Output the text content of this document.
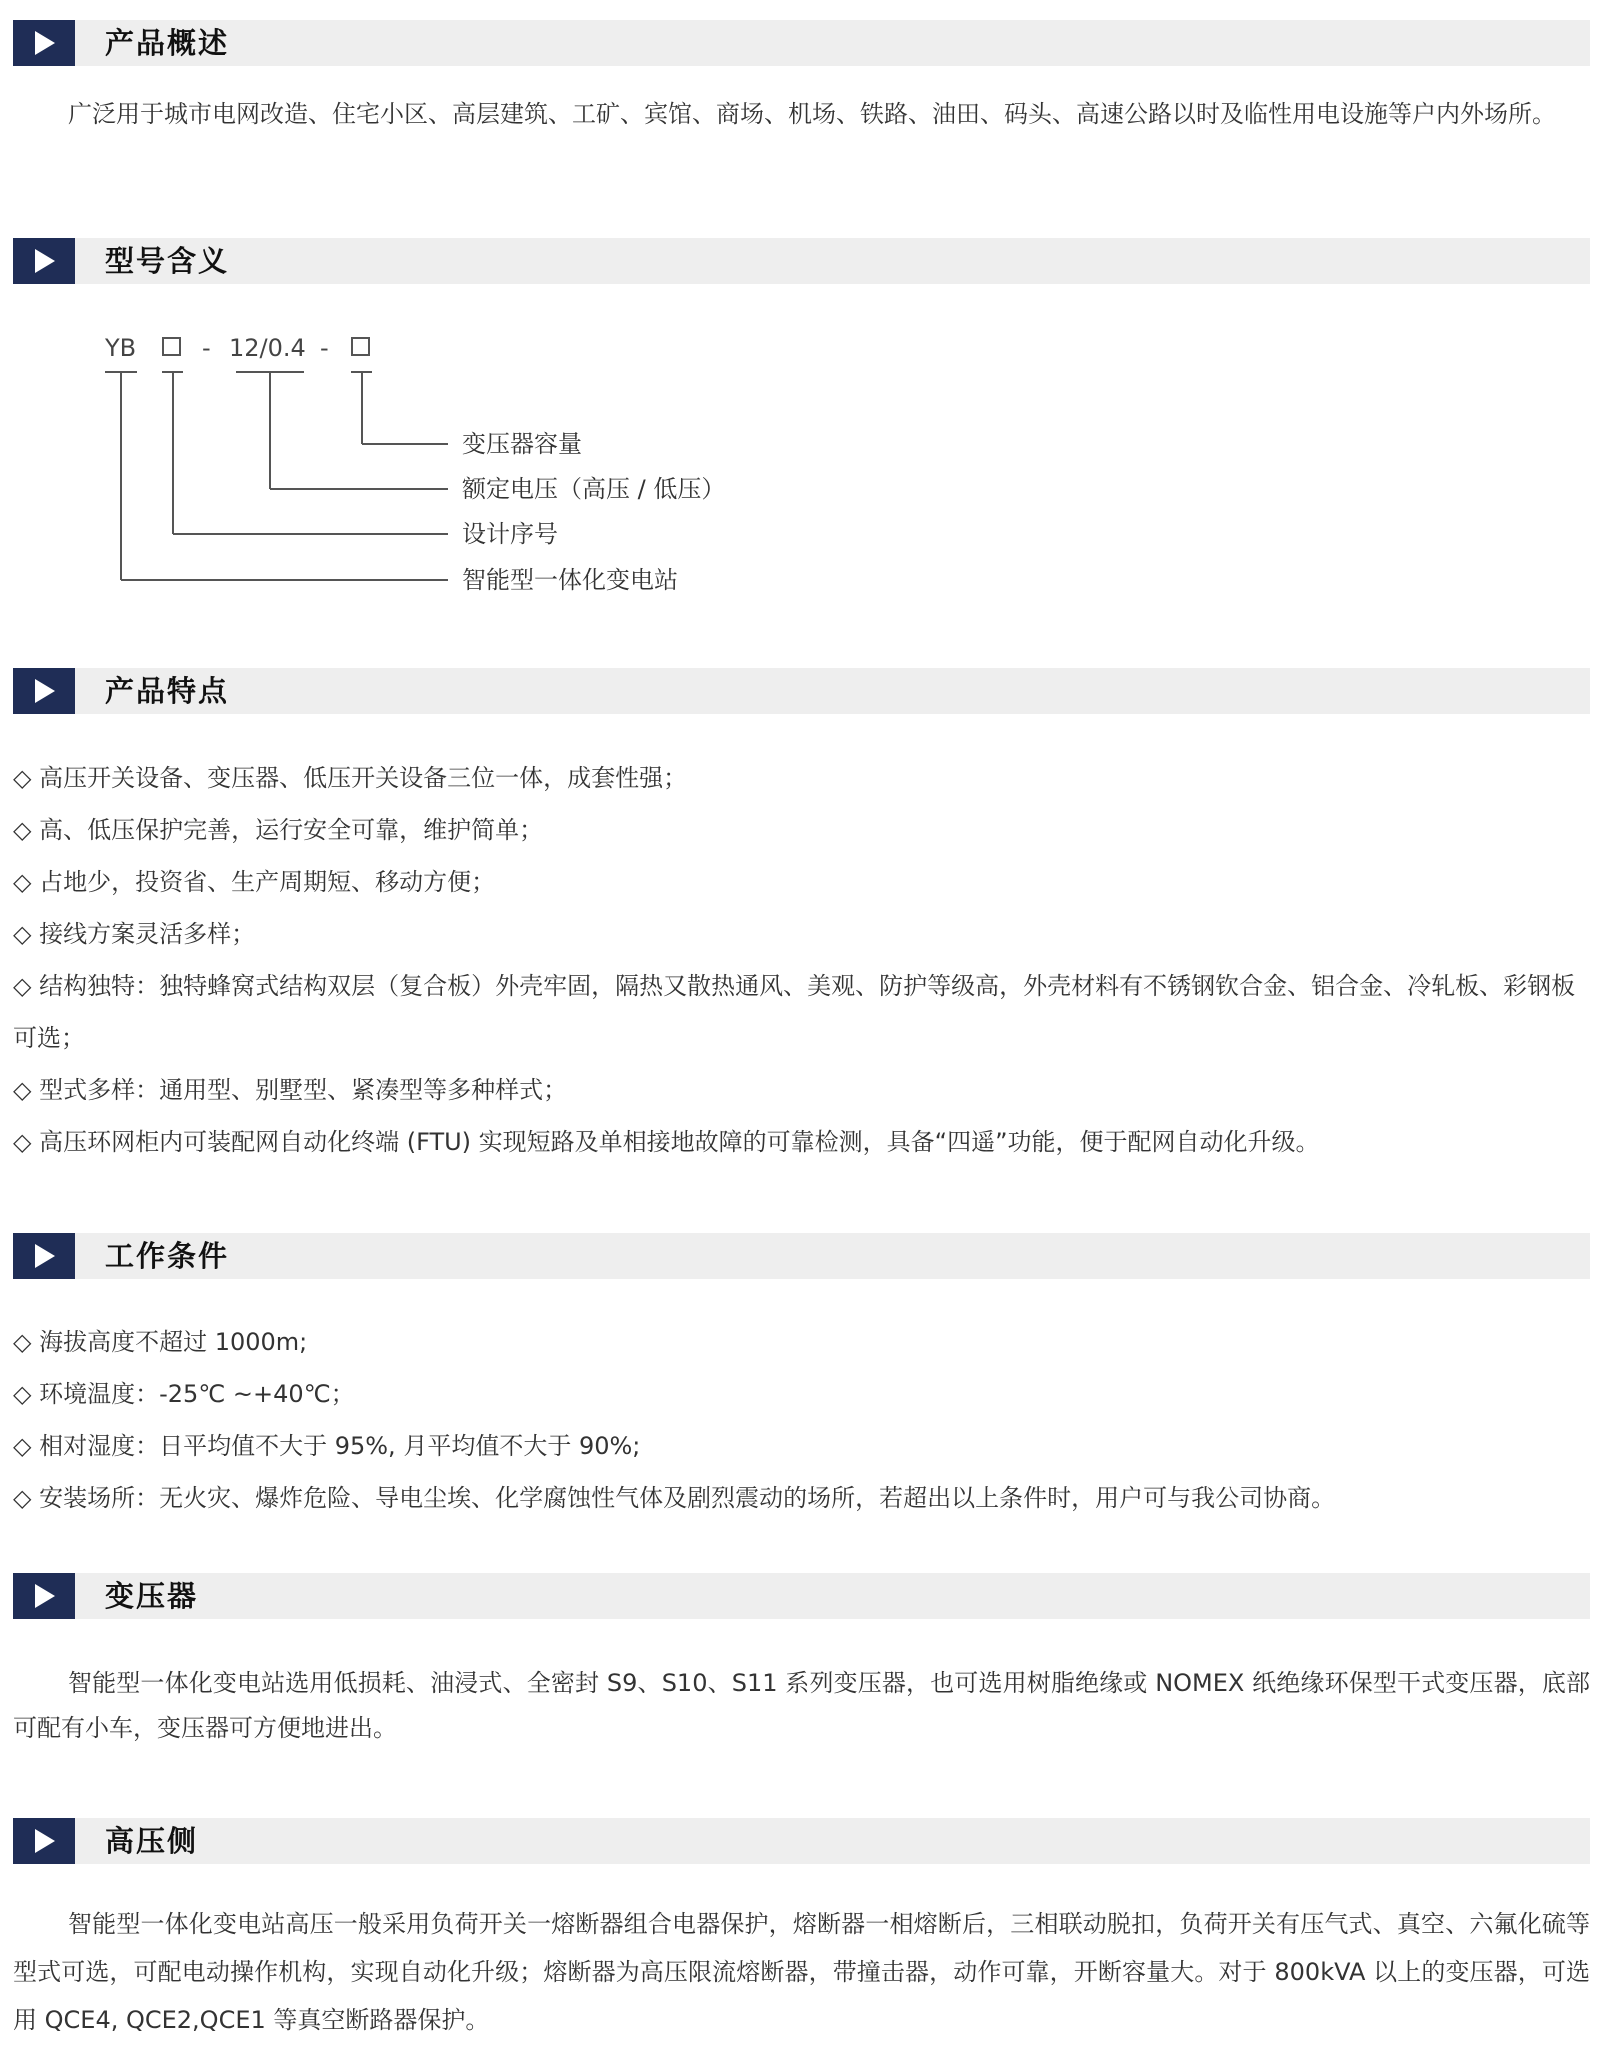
产品概述

广泛用于城市电网改造、住宅小区、高层建筑、工矿、宾馆、商场、机场、铁路、油田、码头、高速公路以时及临性用电设施等户内外场所。

型号含义
YB	- 12/0.4 -
变压器容量
额定电压（高压 / 低压）
设计序号
智能型一体化变电站
产品特点
◇ 高压开关设备、变压器、低压开关设备三位一体，成套性强；
◇ 高、低压保护完善，运行安全可靠，维护简单；
◇ 占地少，投资省、生产周期短、移动方便；
◇ 接线方案灵活多样；
◇ 结构独特：独特蜂窝式结构双层（复合板）外壳牢固，隔热又散热通风、美观、防护等级高，外壳材料有不锈钢钦合金、铝合金、冷轧板、彩钢板可选；
◇ 型式多样：通用型、别墅型、紧凑型等多种样式；
◇ 高压环网柜内可装配网自动化终端 (FTU) 实现短路及单相接地故障的可靠检测，具备“四遥”功能，便于配网自动化升级。
工作条件
◇ 海拔高度不超过 1000m;
◇ 环境温度：-25℃ ~+40℃；
◇ 相对湿度：日平均值不大于 95%, 月平均值不大于 90%;
◇ 安装场所：无火灾、爆炸危险、导电尘埃、化学腐蚀性气体及剧烈震动的场所，若超出以上条件时，用户可与我公司协商。
变压器

智能型一体化变电站选用低损耗、油浸式、全密封 S9、S10、S11 系列变压器，也可选用树脂绝缘或 NOMEX 纸绝缘环保型干式变压器，底部可配有小车，变压器可方便地进出。

高压侧

智能型一体化变电站高压一般采用负荷开关一熔断器组合电器保护，熔断器一相熔断后，三相联动脱扣，负荷开关有压气式、真空、六氟化硫等型式可选，可配电动操作机构，实现自动化升级；熔断器为高压限流熔断器，带撞击器，动作可靠，开断容量大。对于 800kVA 以上的变压器，可选用 QCE4, QCE2,QCE1 等真空断路器保护。
